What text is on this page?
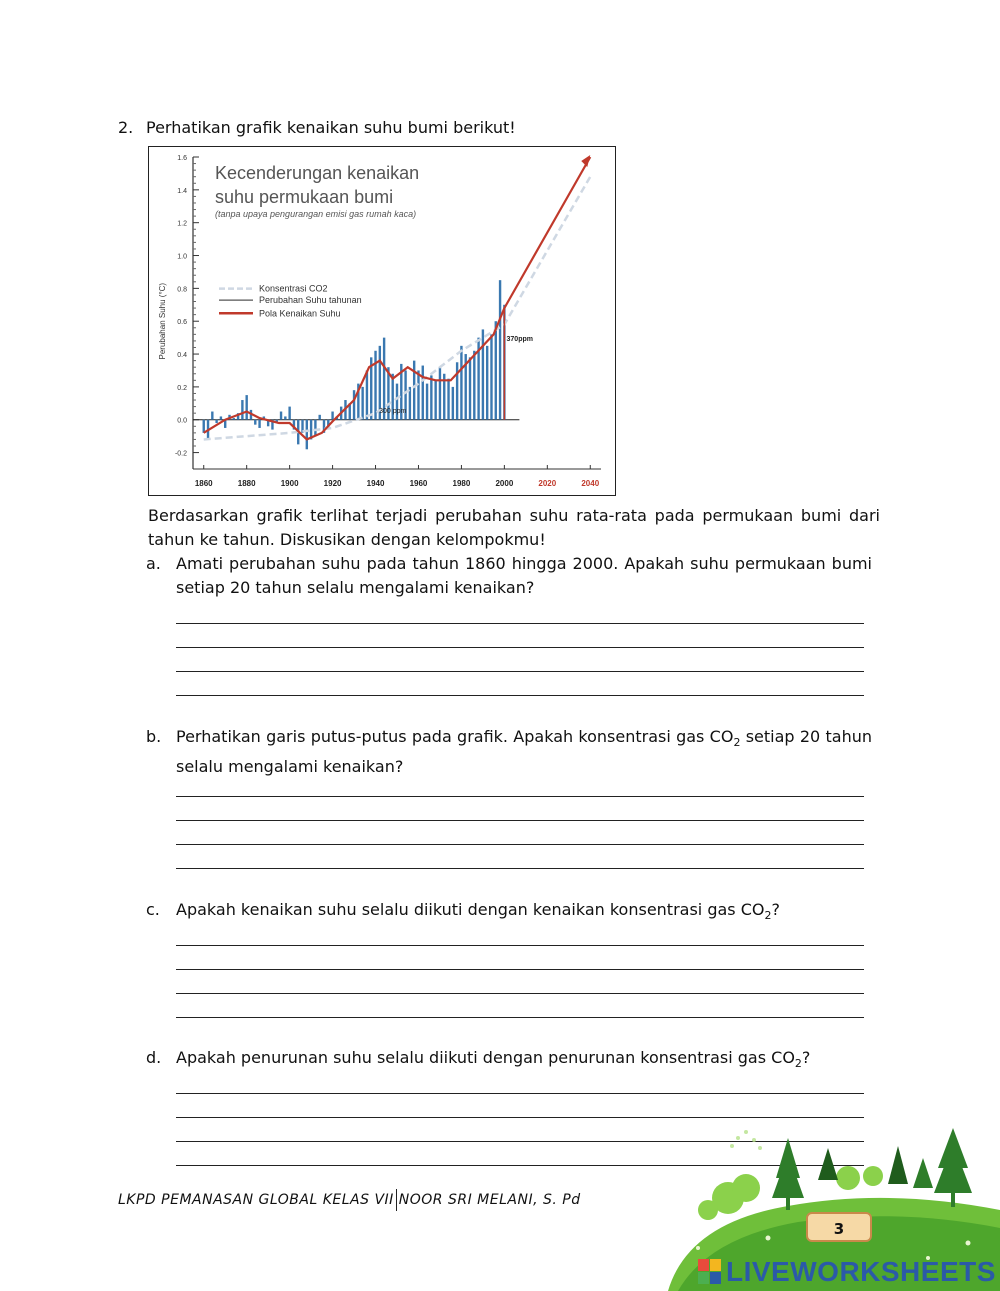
2. Perhatikan grafik kenaikan suhu bumi berikut!
1.6
1.4
1.2
1.0
0.8
0.6
0.4
0.2
0.0
-0.2
1860	1880	1900	1920	1940	1960	1980	2000	2020	2040
300 ppm
370ppm
Kecenderungan kenaikan
suhu permukaan bumi
(tanpa upaya pengurangan emisi gas rumah kaca)
Perubahan Suhu (°C)	Konsentrasi CO2
Perubahan Suhu tahunan
Pola Kenaikan Suhu
Berdasarkan grafik terlihat terjadi perubahan suhu rata-rata pada permukaan bumi dari tahun ke tahun. Diskusikan dengan kelompokmu!
a. Amati perubahan suhu pada tahun 1860 hingga 2000. Apakah suhu permukaan bumi setiap 20 tahun selalu mengalami kenaikan?
b. Perhatikan garis putus-putus pada grafik. Apakah konsentrasi gas $CO_2$ setiap 20 tahun selalu mengalami kenaikan?
c. Apakah kenaikan suhu selalu diikuti dengan kenaikan konsentrasi gas $CO_2$?
d. Apakah penurunan suhu selalu diikuti dengan penurunan konsentrasi gas $CO_2$?
LKPD PEMANASAN GLOBAL KELAS VII NOOR SRI MELANI, S. Pd
3
LIVEWORKSHEETS
